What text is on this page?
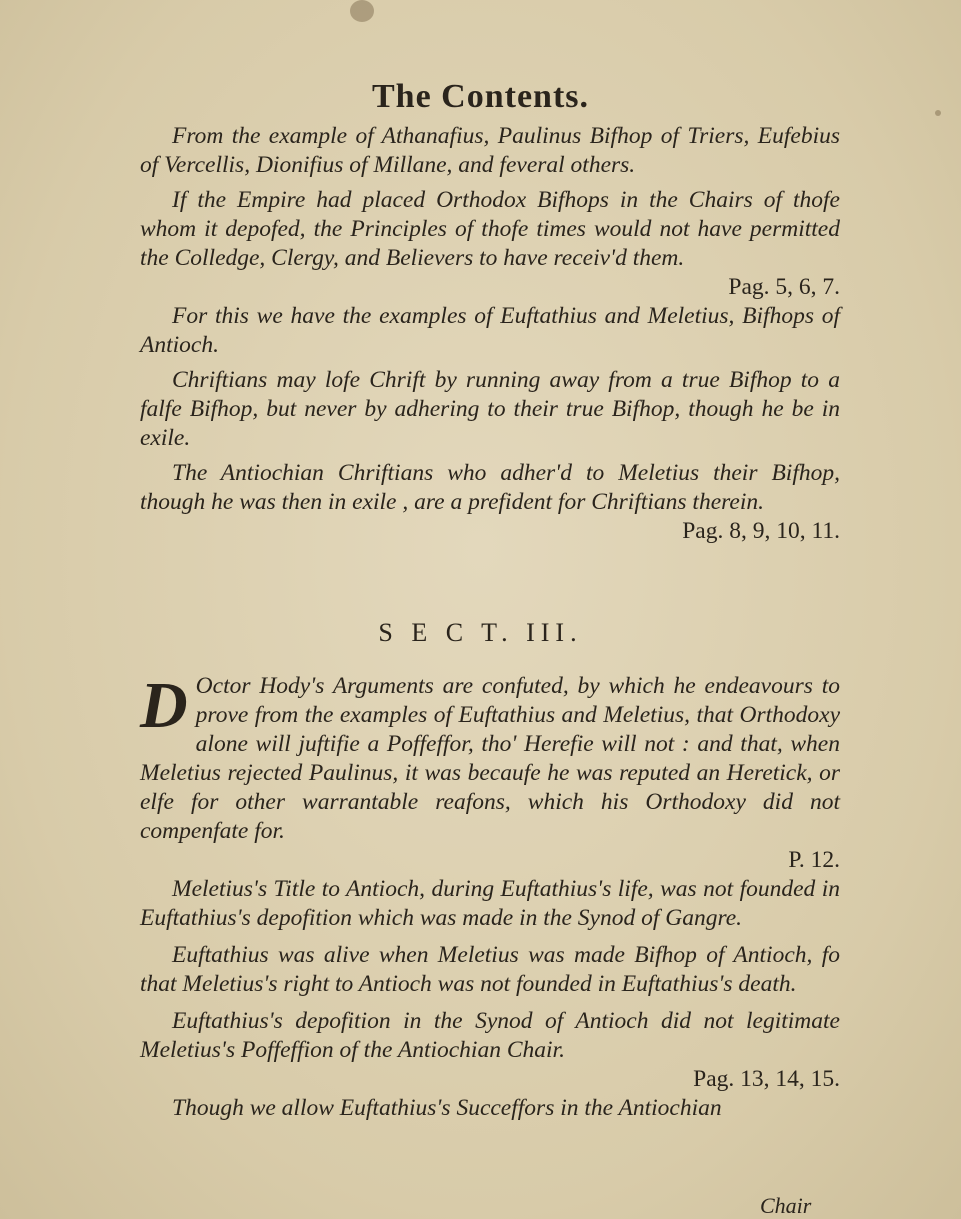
The Contents.

From the example of Athanafius, Paulinus Bifhop of Triers, Eufebius of Vercellis, Dionifius of Millane, and feveral others.

If the Empire had placed Orthodox Bifhops in the Chairs of thofe whom it depofed, the Principles of thofe times would not have permitted the Colledge, Clergy, and Believers to have receiv'd them.

Pag. 5, 6, 7.

For this we have the examples of Euftathius and Meletius, Bifhops of Antioch.

Chriftians may lofe Chrift by running away from a true Bifhop to a falfe Bifhop, but never by adhering to their true Bifhop, though he be in exile.

The Antiochian Chriftians who adher'd to Meletius their Bifhop, though he was then in exile , are a prefident for Chriftians therein.

Pag. 8, 9, 10, 11.
S E C T. III.

D Octor Hody's Arguments are confuted, by which he endeavours to prove from the examples of Euftathius and Meletius, that Orthodoxy alone will juftifie a Poffeffor, tho' Herefie will not : and that, when Meletius rejected Paulinus, it was becaufe he was reputed an Heretick, or elfe for other warrantable reafons, which his Orthodoxy did not compenfate for.

P. 12.

Meletius's Title to Antioch, during Euftathius's life, was not founded in Euftathius's depofition which was made in the Synod of Gangre.

Euftathius was alive when Meletius was made Bifhop of Antioch, fo that Meletius's right to Antioch was not founded in Euftathius's death.

Euftathius's depofition in the Synod of Antioch did not legitimate Meletius's Poffeffion of the Antiochian Chair.

Pag. 13, 14, 15.

Though we allow Euftathius's Succeffors in the Antiochian

Chair
